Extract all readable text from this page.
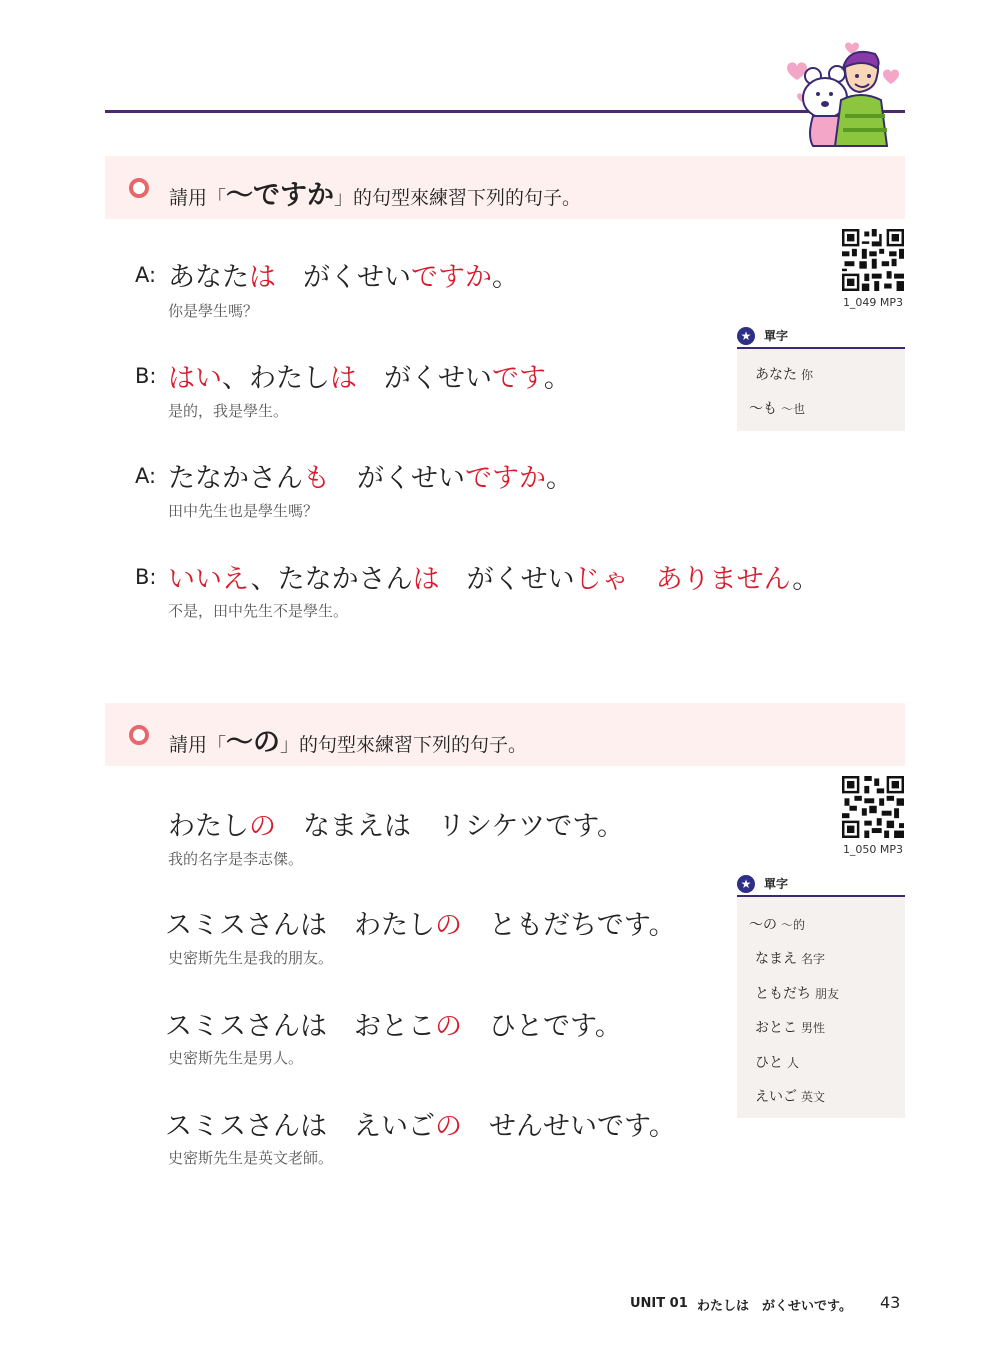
請用「～ですか」的句型來練習下列的句子。
1_049 MP3
A: あなたは　がくせいですか。
你是學生嗎？
B: はい、わたしは　がくせいです。
是的，我是學生。
A: たなかさんも　がくせいですか。
田中先生也是學生嗎？
B: いいえ、たなかさんは　がくせいじゃ　ありません。
不是，田中先生不是學生。
★	單字
あなた 你
～も ～也
請用「～の」的句型來練習下列的句子。
1_050 MP3
わたしの　なまえは　リシケツです。
我的名字是李志傑。
スミスさんは　わたしの　ともだちです。
史密斯先生是我的朋友。
スミスさんは　おとこの　ひとです。
史密斯先生是男人。
スミスさんは　えいごの　せんせいです。
史密斯先生是英文老師。
★	單字
～の ～的
なまえ 名字
ともだち 朋友
おとこ 男性
ひと 人
えいご 英文
UNIT 01 わたしは　がくせいです。 43
